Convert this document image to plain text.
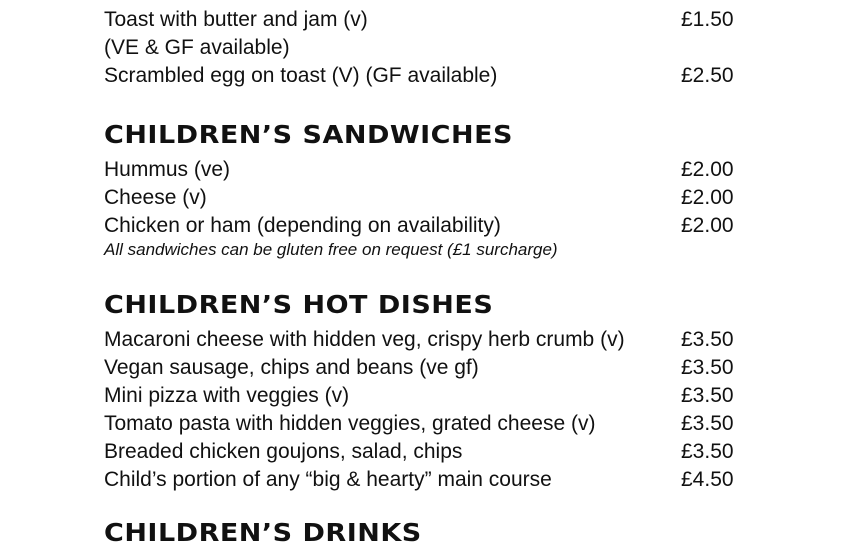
Toast with butter and jam (v)	£1.50
(VE & GF available)
Scrambled egg on toast (V) (GF available)	£2.50
CHILDREN’S SANDWICHES
Hummus (ve)	£2.00
Cheese (v)	£2.00
Chicken or ham (depending on availability)	£2.00
All sandwiches can be gluten free on request (£1 surcharge)
CHILDREN’S HOT DISHES
Macaroni cheese with hidden veg, crispy herb crumb (v)	£3.50
Vegan sausage, chips and beans (ve gf)	£3.50
Mini pizza with veggies (v)	£3.50
Tomato pasta with hidden veggies, grated cheese (v)	£3.50
Breaded chicken goujons, salad, chips	£3.50
Child’s portion of any “big & hearty” main course	£4.50
CHILDREN’S DRINKS
